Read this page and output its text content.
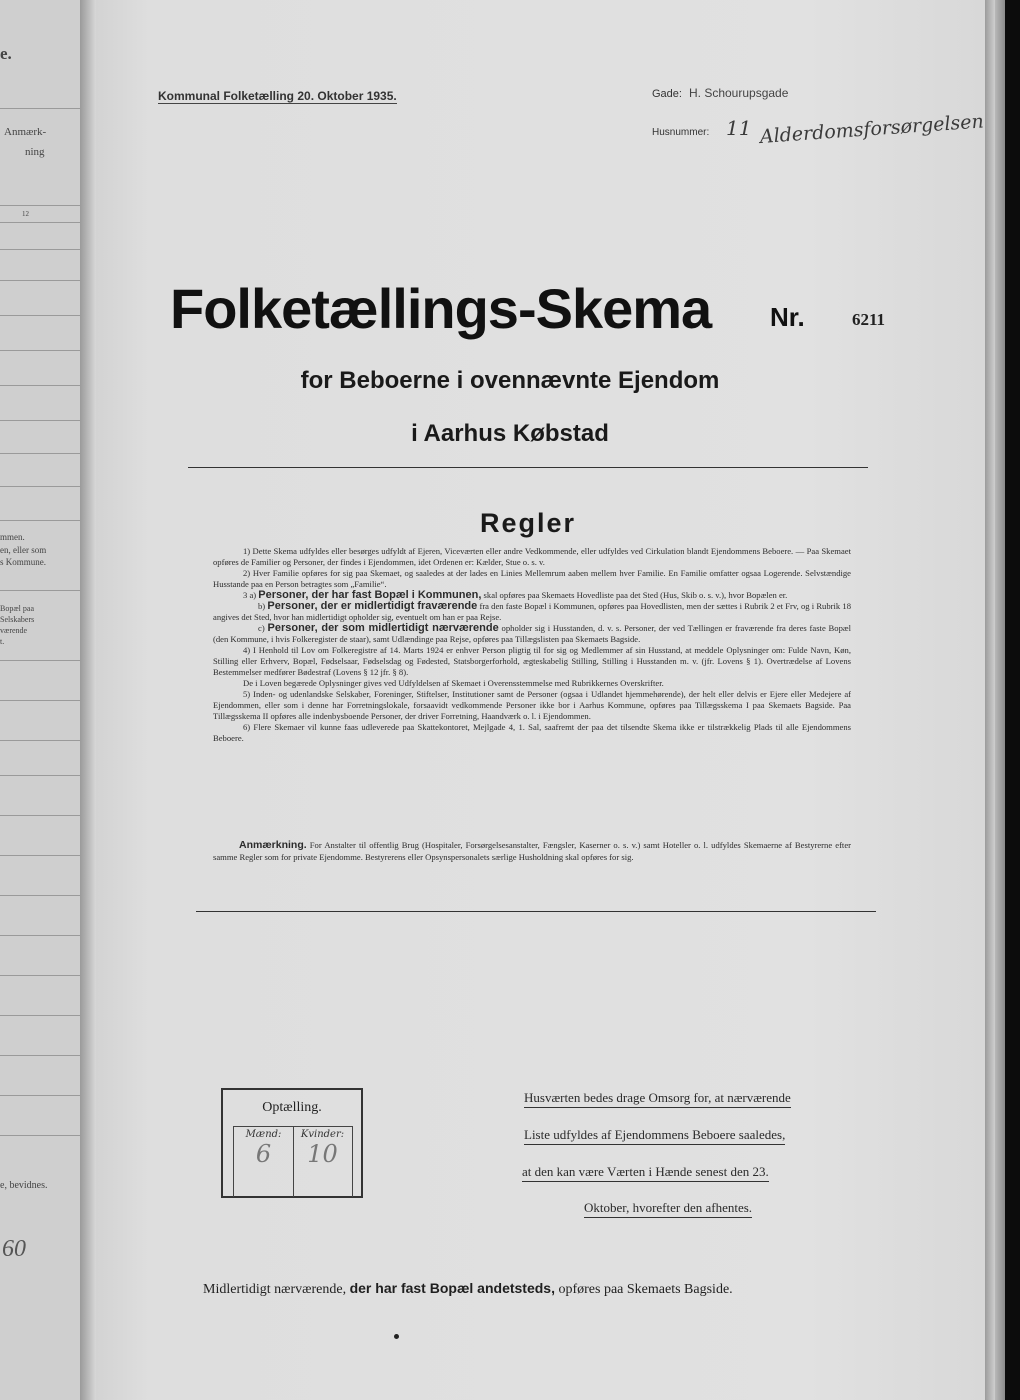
e.
Anmærk-
ning
12
mmen.
en, eller som
s Kommune.
Bopæl paa
Selskabers
værende
t.
e, bevidnes.
60
Kommunal Folketælling 20. Oktober 1935.	Gade: H. Schourupsgade
Husnummer: 11 Alderdomsforsørgelsen
Folketællings-Skema	Nr.	6211
for Beboerne i ovennævnte Ejendom
i Aarhus Købstad
Regler

1) Dette Skema udfyldes eller besørges udfyldt af Ejeren, Viceværten eller andre Vedkommende, eller udfyldes ved Cirkulation blandt Ejendommens Beboere. — Paa Skemaet opføres de Familier og Personer, der findes i Ejendommen, idet Ordenen er: Kælder, Stue o. s. v.

2) Hver Familie opføres for sig paa Skemaet, og saaledes at der lades en Linies Mellemrum aaben mellem hver Familie. En Familie omfatter ogsaa Logerende. Selvstændige Husstande paa en Person betragtes som „Familie“.

3 a) Personer, der har fast Bopæl i Kommunen, skal opføres paa Skemaets Hovedliste paa det Sted (Hus, Skib o. s. v.), hvor Bopælen er.

b) Personer, der er midlertidigt fraværende fra den faste Bopæl i Kommunen, opføres paa Hovedlisten, men der sættes i Rubrik 2 et Frv, og i Rubrik 18 angives det Sted, hvor han midlertidigt opholder sig, eventuelt om han er paa Rejse.

c) Personer, der som midlertidigt nærværende opholder sig i Husstanden, d. v. s. Personer, der ved Tællingen er fraværende fra deres faste Bopæl (den Kommune, i hvis Folkeregister de staar), samt Udlændinge paa Rejse, opføres paa Tillægslisten paa Skemaets Bagside.

4) I Henhold til Lov om Folkeregistre af 14. Marts 1924 er enhver Person pligtig til for sig og Medlemmer af sin Husstand, at meddele Oplysninger om: Fulde Navn, Køn, Stilling eller Erhverv, Bopæl, Fødselsaar, Fødselsdag og Fødested, Statsborgerforhold, ægteskabelig Stilling, Stilling i Husstanden m. v. (jfr. Lovens § 1). Overtrædelse af Lovens Bestemmelser medfører Bødestraf (Lovens § 12 jfr. § 8).

De i Loven begærede Oplysninger gives ved Udfyldelsen af Skemaet i Overensstemmelse med Rubrikkernes Overskrifter.

5) Inden- og udenlandske Selskaber, Foreninger, Stiftelser, Institutioner samt de Personer (ogsaa i Udlandet hjemmehørende), der helt eller delvis er Ejere eller Medejere af Ejendommen, eller som i denne har Forretningslokale, forsaavidt vedkommende Personer ikke bor i Aarhus Kommune, opføres paa Tillægsskema I paa Skemaets Bagside. Paa Tillægsskema II opføres alle indenbysboende Personer, der driver Forretning, Haandværk o. l. i Ejendommen.

6) Flere Skemaer vil kunne faas udleverede paa Skattekontoret, Mejlgade 4, 1. Sal, saafremt der paa det tilsendte Skema ikke er tilstrækkelig Plads til alle Ejendommens Beboere.

Anmærkning. For Anstalter til offentlig Brug (Hospitaler, Forsørgelsesanstalter, Fængsler, Kaserner o. s. v.) samt Hoteller o. l. udfyldes Skemaerne af Bestyrerne efter samme Regler som for private Ejendomme. Bestyrerens eller Opsynspersonalets særlige Husholdning skal opføres for sig.
Optælling.
Mænd:
6
Kvinder:
10
Husværten bedes drage Omsorg for, at nærværende
Liste udfyldes af Ejendommens Beboere saaledes,
at den kan være Værten i Hænde senest den 23.
Oktober, hvorefter den afhentes.
Midlertidigt nærværende, der har fast Bopæl andetsteds, opføres paa Skemaets Bagside.
